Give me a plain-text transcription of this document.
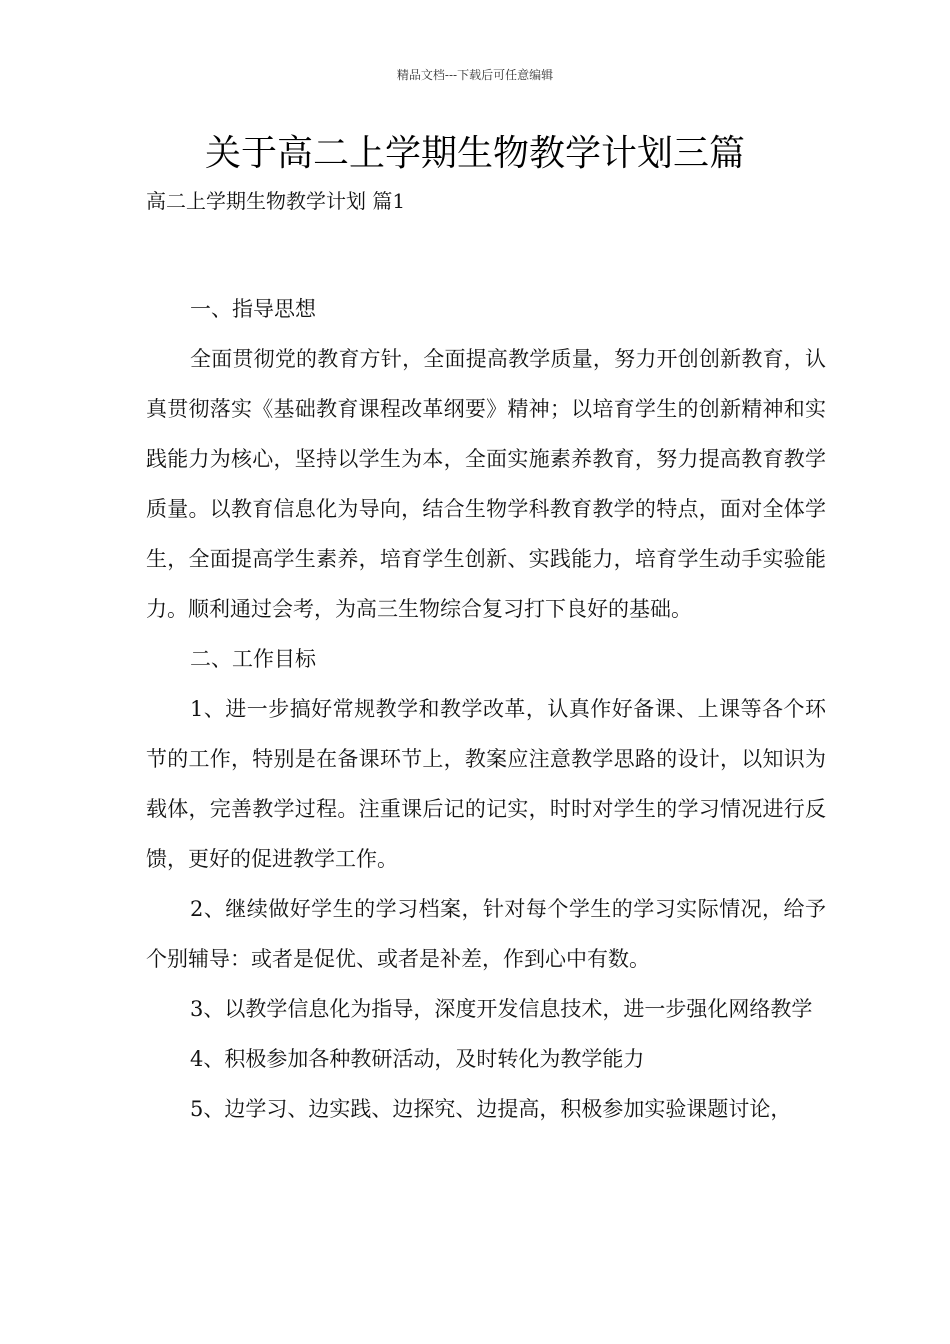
精品文档---下载后可任意编辑
关于高二上学期生物教学计划三篇
高二上学期生物教学计划 篇1

一、指导思想

全面贯彻党的教育方针，全面提高教学质量，努力开创创新教育，认真贯彻落实《基础教育课程改革纲要》精神；以培育学生的创新精神和实践能力为核心，坚持以学生为本，全面实施素养教育，努力提高教育教学质量。以教育信息化为导向，结合生物学科教育教学的特点，面对全体学生，全面提高学生素养，培育学生创新、实践能力，培育学生动手实验能力。顺利通过会考，为高三生物综合复习打下良好的基础。

二、工作目标

1、进一步搞好常规教学和教学改革，认真作好备课、上课等各个环节的工作，特别是在备课环节上，教案应注意教学思路的设计，以知识为载体，完善教学过程。注重课后记的记实，时时对学生的学习情况进行反馈，更好的促进教学工作。

2、继续做好学生的学习档案，针对每个学生的学习实际情况，给予个别辅导：或者是促优、或者是补差，作到心中有数。

3、以教学信息化为指导，深度开发信息技术，进一步强化网络教学

4、积极参加各种教研活动，及时转化为教学能力

5、边学习、边实践、边探究、边提高，积极参加实验课题讨论，
